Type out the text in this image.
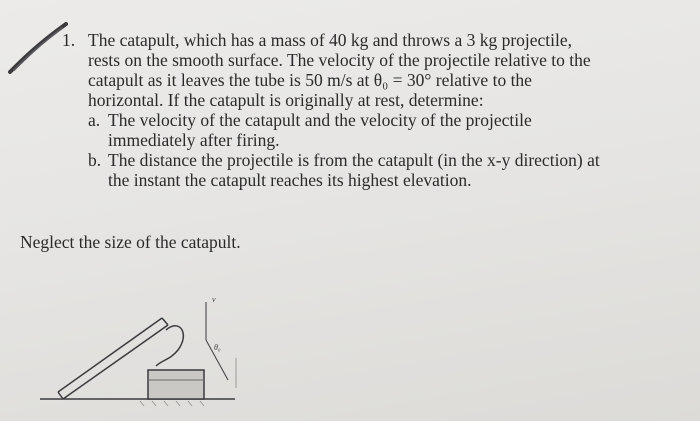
1. The catapult, which has a mass of 40 kg and throws a 3 kg projectile,
rests on the smooth surface. The velocity of the projectile relative to the
catapult as it leaves the tube is 50 m/s at θ₀ = 30° relative to the
horizontal. If the catapult is originally at rest, determine:
a. The velocity of the catapult and the velocity of the projectile
immediately after firing.
b. The distance the projectile is from the catapult (in the x-y direction) at
the instant the catapult reaches its highest elevation.
Neglect the size of the catapult.
v
θ₀
